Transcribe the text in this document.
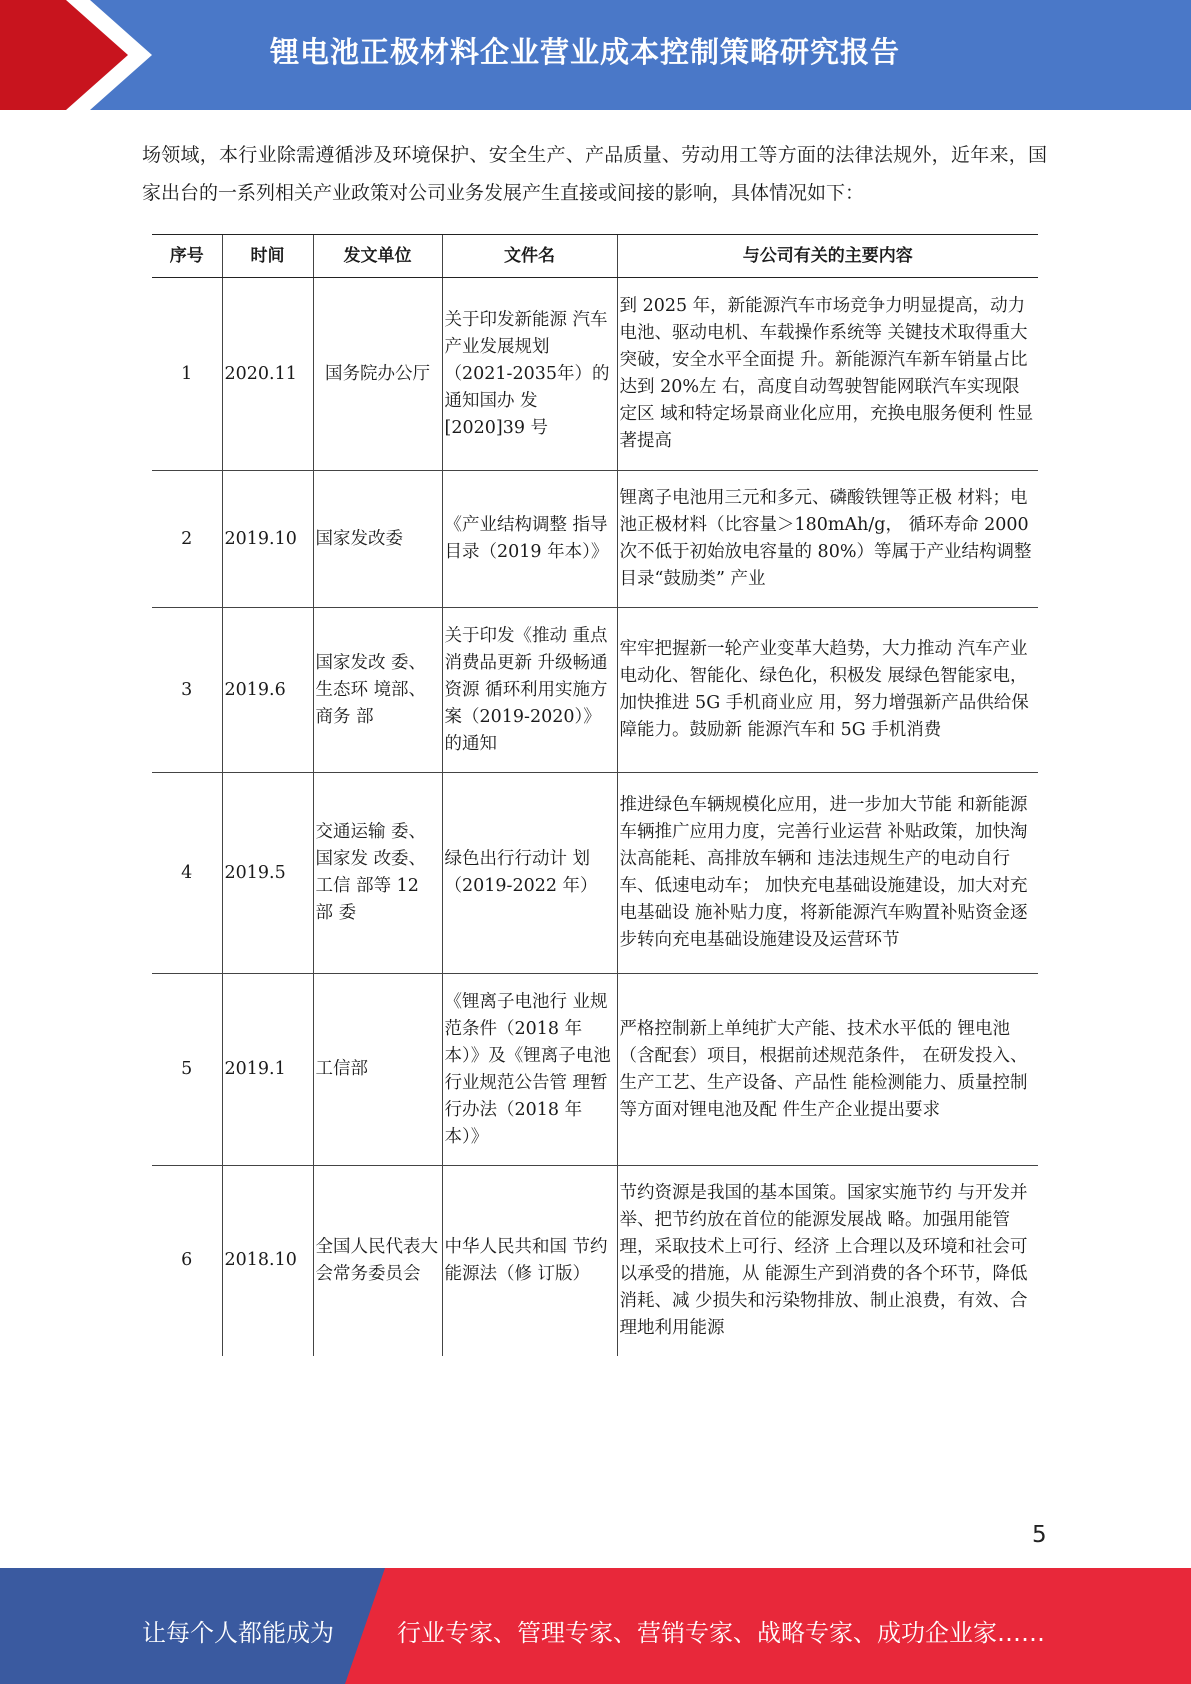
锂电池正极材料企业营业成本控制策略研究报告

场领域，本行业除需遵循涉及环境保护、安全生产、产品质量、劳动用工等方面的法律法规外，近年来，国家出台的一系列相关产业政策对公司业务发展产生直接或间接的影响，具体情况如下：

序号	时间	发文单位	文件名	与公司有关的主要内容
1	2020.11	国务院办公厅	关于印发新能源 汽车产业发展规划（2021-2035年）的通知国办 发[2020]39 号	到 2025 年，新能源汽车市场竞争力明显提高，动力电池、驱动电机、车载操作系统等 关键技术取得重大突破，安全水平全面提 升。新能源汽车新车销量占比达到 20%左 右，高度自动驾驶智能网联汽车实现限定区 域和特定场景商业化应用，充换电服务便利 性显著提高
2	2019.10	国家发改委	《产业结构调整 指导目录（2019 年本）》	锂离子电池用三元和多元、磷酸铁锂等正极 材料；电池正极材料（比容量＞180mAh/g， 循环寿命 2000 次不低于初始放电容量的 80%）等属于产业结构调整目录“鼓励类” 产业
3	2019.6	国家发改 委、生态环 境部、商务 部	关于印发《推动 重点消费品更新 升级畅通资源 循环利用实施方 案（2019-2020）》 的通知	牢牢把握新一轮产业变革大趋势，大力推动 汽车产业电动化、智能化、绿色化，积极发 展绿色智能家电，加快推进 5G 手机商业应 用，努力增强新产品供给保障能力。鼓励新 能源汽车和 5G 手机消费
4	2019.5	交通运输 委、国家发 改委、工信 部等 12 部 委	绿色出行行动计 划（2019-2022 年）	推进绿色车辆规模化应用，进一步加大节能 和新能源车辆推广应用力度，完善行业运营 补贴政策，加快淘汰高能耗、高排放车辆和 违法违规生产的电动自行车、低速电动车； 加快充电基础设施建设，加大对充电基础设 施补贴力度，将新能源汽车购置补贴资金逐步转向充电基础设施建设及运营环节
5	2019.1	工信部	《锂离子电池行 业规范条件（2018 年本）》及《锂离子电池 行业规范公告管 理暂行办法（2018 年本）》	严格控制新上单纯扩大产能、技术水平低的 锂电池（含配套）项目，根据前述规范条件， 在研发投入、生产工艺、生产设备、产品性 能检测能力、质量控制等方面对锂电池及配 件生产企业提出要求
6	2018.10	全国人民代表大会常务委员会	中华人民共和国 节约能源法（修 订版）	节约资源是我国的基本国策。国家实施节约 与开发并举、把节约放在首位的能源发展战 略。加强用能管理，采取技术上可行、经济 上合理以及环境和社会可以承受的措施，从 能源生产到消费的各个环节，降低消耗、减 少损失和污染物排放、制止浪费，有效、合 理地利用能源
5
让每个人都能成为	行业专家、管理专家、营销专家、战略专家、成功企业家……
